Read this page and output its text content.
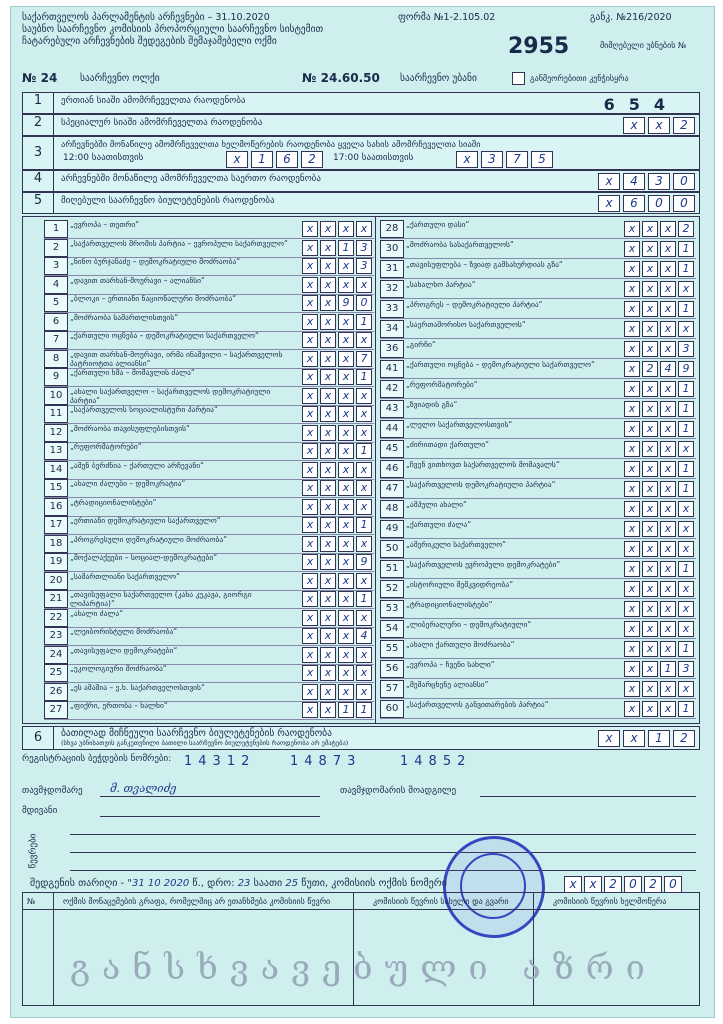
საქართველოს პარლამენტის არჩევნები – 31.10.2020
საუბნო საარჩევნო კომისიის პროპორციული საარჩევნო სისტემით
ჩატარებული არჩევნების შედეგების შემაჯამებელი ოქმი
ფორმა №1-2.105.02
2955
განკ. №216/2020
მიმღებული უბნების №
№ 24 საარჩევნო ოლქი	№ 24.60.50 საარჩევნო უბანი	განმეორებითი კენჭისყრა
1	ერთიან სიაში ამომრჩეველთა რაოდენობა	6 5 4
2	სპეციალურ სიაში ამომრჩეველთა რაოდენობა	x	x	2
3	არჩევნებში მონაწილე ამომრჩეველთა ხელმოწერების რაოდენობა ყველა სახის ამომრჩეველთა სიაში
12:00 საათისთვის	x	1	6	2	17:00 საათისთვის	x	3	7	5
4	არჩევნებში მონაწილე ამომრჩეველთა საერთო რაოდენობა	x	4	3	0
5	მიღებული საარჩევნო ბიულეტენების რაოდენობა	x	6	0	0
1	„ევროპა – თეთრი“	x	x	x	x
2	„საქართველოს შრომის პარტია – ევროპული საქართველო“	x	x	1	3
3	„ნინო ბურჯანაძე – დემოკრატიული მოძრაობა“	x	x	x	3
4	„დავით თარხან-მოურავი – ალიანსი“	x	x	x	x
5	„ბლოკი – ერთიანი ნაციონალური მოძრაობა“	x	x	9	0
6	„მოძრაობა სამართლისთვის“	x	x	x	1
7	„ქართული ოცნება – დემოკრატიული საქართველო“	x	x	x	x
8	„დავით თარხან-მოურავი, ირმა ინაშვილი – საქართველოს პატრიოტთა ალიანსი“	x	x	x	7
9	„ქართული ხმა – მომავლის ძალა“	x	x	x	1
10	„ახალი საქართველო – საქართველოს დემოკრატიული პარტია“	x	x	x	x
11	„საქართველოს სოციალისტური პარტია“	x	x	x	x
12	„მოძრაობა თავისუფლებისთვის“	x	x	x	x
13	„რეფორმატორები“	x	x	x	1
14	„ამენ ბერძნია – ქართული არჩევანი“	x	x	x	x
15	„ახალი ძალები – დემოკრატია“	x	x	x	x
16	„ტრადიციონალისტები“	x	x	x	x
17	„ერთიანი დემოკრატიული საქართველო“	x	x	x	1
18	„პროგრესული დემოკრატიული მოძრაობა“	x	x	x	x
19	„მოქალაქეები – სოციალ-დემოკრატები“	x	x	x	9
20	„სამართლიანი საქართველო“	x	x	x	x
21	„თავისუფალი საქართველო (კახა კუკავა, გიორგი ლიპარტია)“	x	x	x	1
22	„ახალი ძალა“	x	x	x	x
23	„ლეიბორისტული მოძრაობა“	x	x	x	4
24	„თავისუფალი დემოკრატები“	x	x	x	x
25	„ეკოლოგიური მოძრაობა“	x	x	x	x
26	„ეს ამაშია – ე.ხ. საქართველოსთვის“	x	x	x	x
27	„ფიქრი, ერთობა – ხალხი“	x	x	1	1
28	„ქართული დასი“	x	x	x	2
30	„მოძრაობა სასაქართველოს“	x	x	x	1
31	„თავისუფლება – ზვიად გამსახურდიას გზა“	x	x	x	1
32	„სახალხო პარტია“	x	x	x	x
33	„პროგრეს – დემოკრატიული პარტია“	x	x	x	1
34	„საერთაშორისო საქართველოს“	x	x	x	x
36	„გირჩი“	x	x	x	3
41	„ქართული ოცნება – დემოკრატიული საქართველო“	x	2	4	9
42	„რეფორმატორები“	x	x	x	1
43	„ზვიადის გზა“	x	x	x	1
44	„ლელო საქართველოსთვის“	x	x	x	1
45	„ძირითადი ქართული“	x	x	x	x
46	„ჩვენ ვითხოვთ საქართველოს მომავალს“	x	x	x	1
47	„საქართველოს დემოკრატიული პარტია“	x	x	x	1
48	„ამპული ახალი“	x	x	x	x
49	„ქართული ძალა“	x	x	x	x
50	„ამერიკული საქართველო“	x	x	x	x
51	„საქართველოს ევროპული დემოკრატები“	x	x	x	1
52	„ისტორიული მემკვიდრეობა“	x	x	x	x
53	„ტრადიციონალისტები“	x	x	x	x
54	„ლიბერალური – დემოკრატიული“	x	x	x	x
55	„ახალი ქართული მოძრაობა“	x	x	x	1
56	„ევროპა – ჩვენი სახლი“	x	x	1	3
57	„მემარცხენე ალიანსი“	x	x	x	x
60	„საქართველოს განვითარების პარტია“	x	x	x	1
6	ბათილად მიჩნეული საარჩევნო ბიულეტენების რაოდენობა
(სხვა უბნისათვის განკუთვნილი ბათილი საარჩევნო ბიულეტენების რაოდენობა არ ემატება)	x	x	1	2
რეგისტრაციის ბეჭდების ნომრები: 14312	14873	14852
თავმჯდომარე მ. თვალიძე	თავმჯდომარის მოადგილე
მდივანი
წევრები
შედგენის თარიღი - "31 10 2020 წ., დრო: 23 საათი 25 წუთი, კომისიის ოქმის ნომერი	x	x	2	0	2	0
№	ოქმის მონაცემების გრაფა, რომელშიც არ ეთანხმება კომისიის წევრი	კომისიის წევრის სახელი და გვარი	კომისიის წევრის ხელმოწერა
განსხვავებული აზრი
